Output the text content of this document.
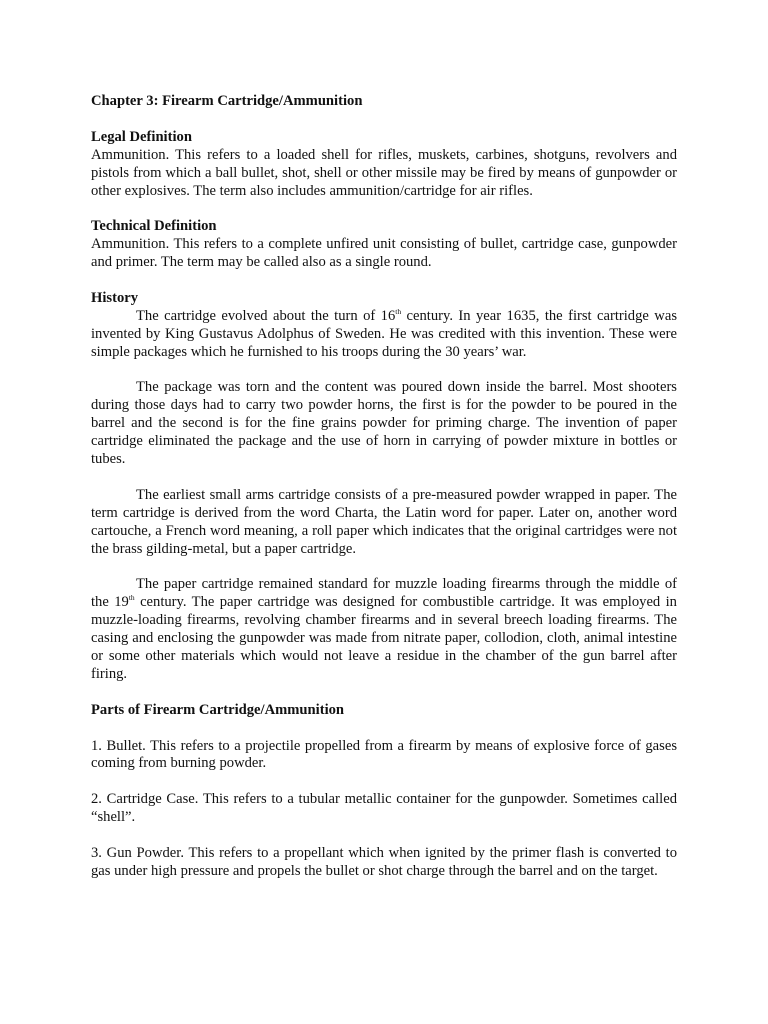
Chapter 3: Firearm Cartridge/Ammunition
Legal Definition

Ammunition. This refers to a loaded shell for rifles, muskets, carbines, shotguns, revolvers and pistols from which a ball bullet, shot, shell or other missile may be fired by means of gunpowder or other explosives. The term also includes ammunition/cartridge for air rifles.

Technical Definition

Ammunition. This refers to a complete unfired unit consisting of bullet, cartridge case, gunpowder and primer. The term may be called also as a single round.

History

The cartridge evolved about the turn of 16th century. In year 1635, the first cartridge was invented by King Gustavus Adolphus of Sweden. He was credited with this invention. These were simple packages which he furnished to his troops during the 30 years’ war.

The package was torn and the content was poured down inside the barrel. Most shooters during those days had to carry two powder horns, the first is for the powder to be poured in the barrel and the second is for the fine grains powder for priming charge. The invention of paper cartridge eliminated the package and the use of horn in carrying of powder mixture in bottles or tubes.

The earliest small arms cartridge consists of a pre-measured powder wrapped in paper. The term cartridge is derived from the word Charta, the Latin word for paper. Later on, another word cartouche, a French word meaning, a roll paper which indicates that the original cartridges were not the brass gilding-metal, but a paper cartridge.

The paper cartridge remained standard for muzzle loading firearms through the middle of the 19th century. The paper cartridge was designed for combustible cartridge. It was employed in muzzle-loading firearms, revolving chamber firearms and in several breech loading firearms. The casing and enclosing the gunpowder was made from nitrate paper, collodion, cloth, animal intestine or some other materials which would not leave a residue in the chamber of the gun barrel after firing.

Parts of Firearm Cartridge/Ammunition

1. Bullet. This refers to a projectile propelled from a firearm by means of explosive force of gases coming from burning powder.

2. Cartridge Case. This refers to a tubular metallic container for the gunpowder. Sometimes called “shell”.

3. Gun Powder. This refers to a propellant which when ignited by the primer flash is converted to gas under high pressure and propels the bullet or shot charge through the barrel and on the target.
